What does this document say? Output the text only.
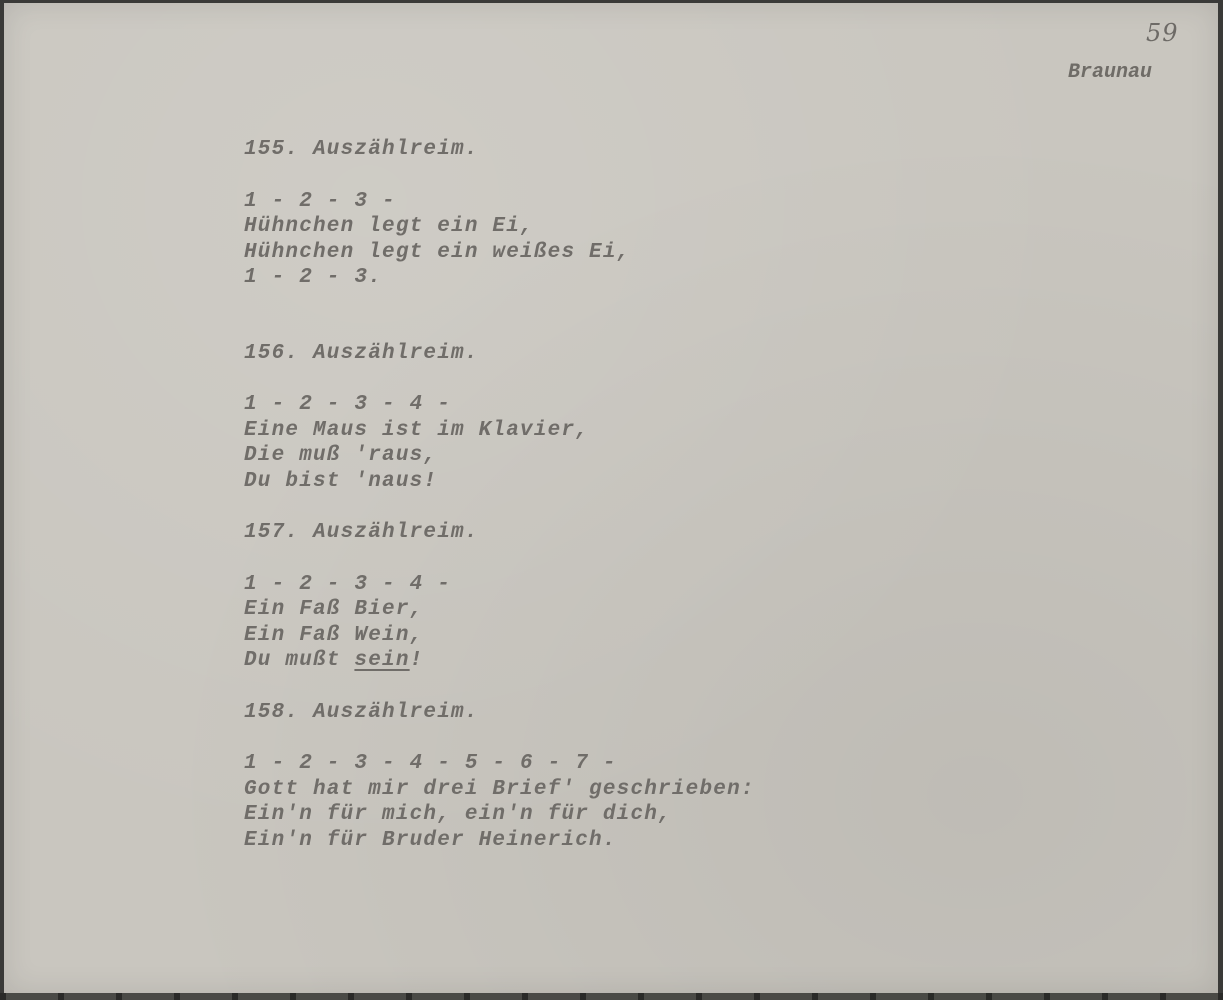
59
Braunau
155. Auszählreim.
1 - 2 - 3 -
Hühnchen legt ein Ei,
Hühnchen legt ein weißes Ei,
1 - 2 - 3.
156. Auszählreim.
1 - 2 - 3 - 4 -
Eine Maus ist im Klavier,
Die muß 'raus,
Du bist 'naus!
157. Auszählreim.
1 - 2 - 3 - 4 -
Ein Faß Bier,
Ein Faß Wein,
Du mußt sein!
158. Auszählreim.
1 - 2 - 3 - 4 - 5 - 6 - 7 -
Gott hat mir drei Brief' geschrieben:
Ein'n für mich, ein'n für dich,
Ein'n für Bruder Heinerich.
